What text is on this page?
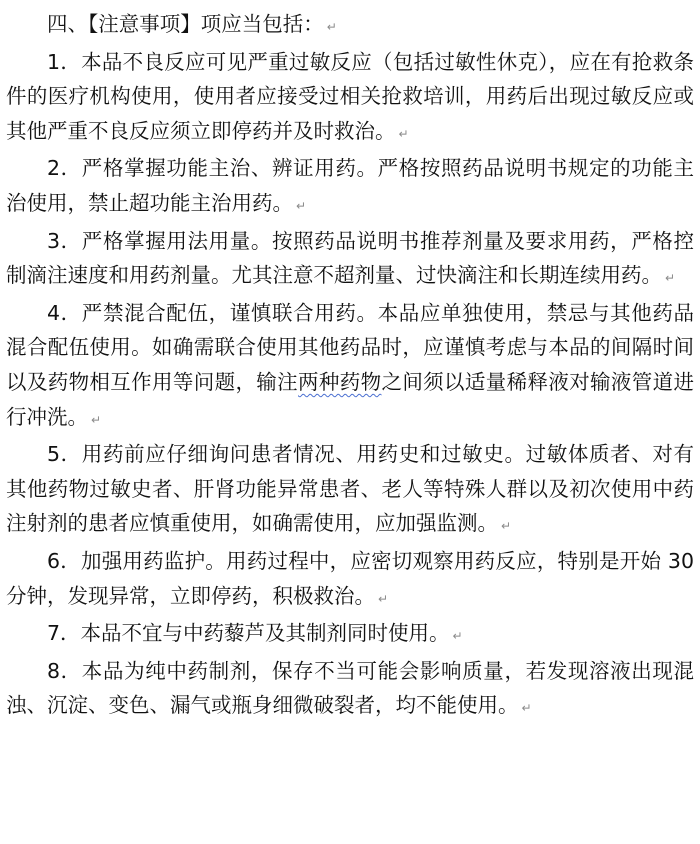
四、【注意事项】项应当包括： ↵

1．本品不良反应可见严重过敏反应（包括过敏性休克），应在有抢救条件的医疗机构使用，使用者应接受过相关抢救培训，用药后出现过敏反应或其他严重不良反应须立即停药并及时救治。 ↵

2．严格掌握功能主治、辨证用药。严格按照药品说明书规定的功能主治使用，禁止超功能主治用药。 ↵

3．严格掌握用法用量。按照药品说明书推荐剂量及要求用药，严格控制滴注速度和用药剂量。尤其注意不超剂量、过快滴注和长期连续用药。 ↵

4．严禁混合配伍，谨慎联合用药。本品应单独使用，禁忌与其他药品混合配伍使用。如确需联合使用其他药品时，应谨慎考虑与本品的间隔时间以及药物相互作用等问题，输注两种药物之间须以适量稀释液对输液管道进行冲洗。 ↵

5．用药前应仔细询问患者情况、用药史和过敏史。过敏体质者、对有其他药物过敏史者、肝肾功能异常患者、老人等特殊人群以及初次使用中药注射剂的患者应慎重使用，如确需使用，应加强监测。 ↵

6．加强用药监护。用药过程中，应密切观察用药反应，特别是开始 30 分钟，发现异常，立即停药，积极救治。 ↵

7．本品不宜与中药藜芦及其制剂同时使用。 ↵

8．本品为纯中药制剂，保存不当可能会影响质量，若发现溶液出现混浊、沉淀、变色、漏气或瓶身细微破裂者，均不能使用。 ↵
